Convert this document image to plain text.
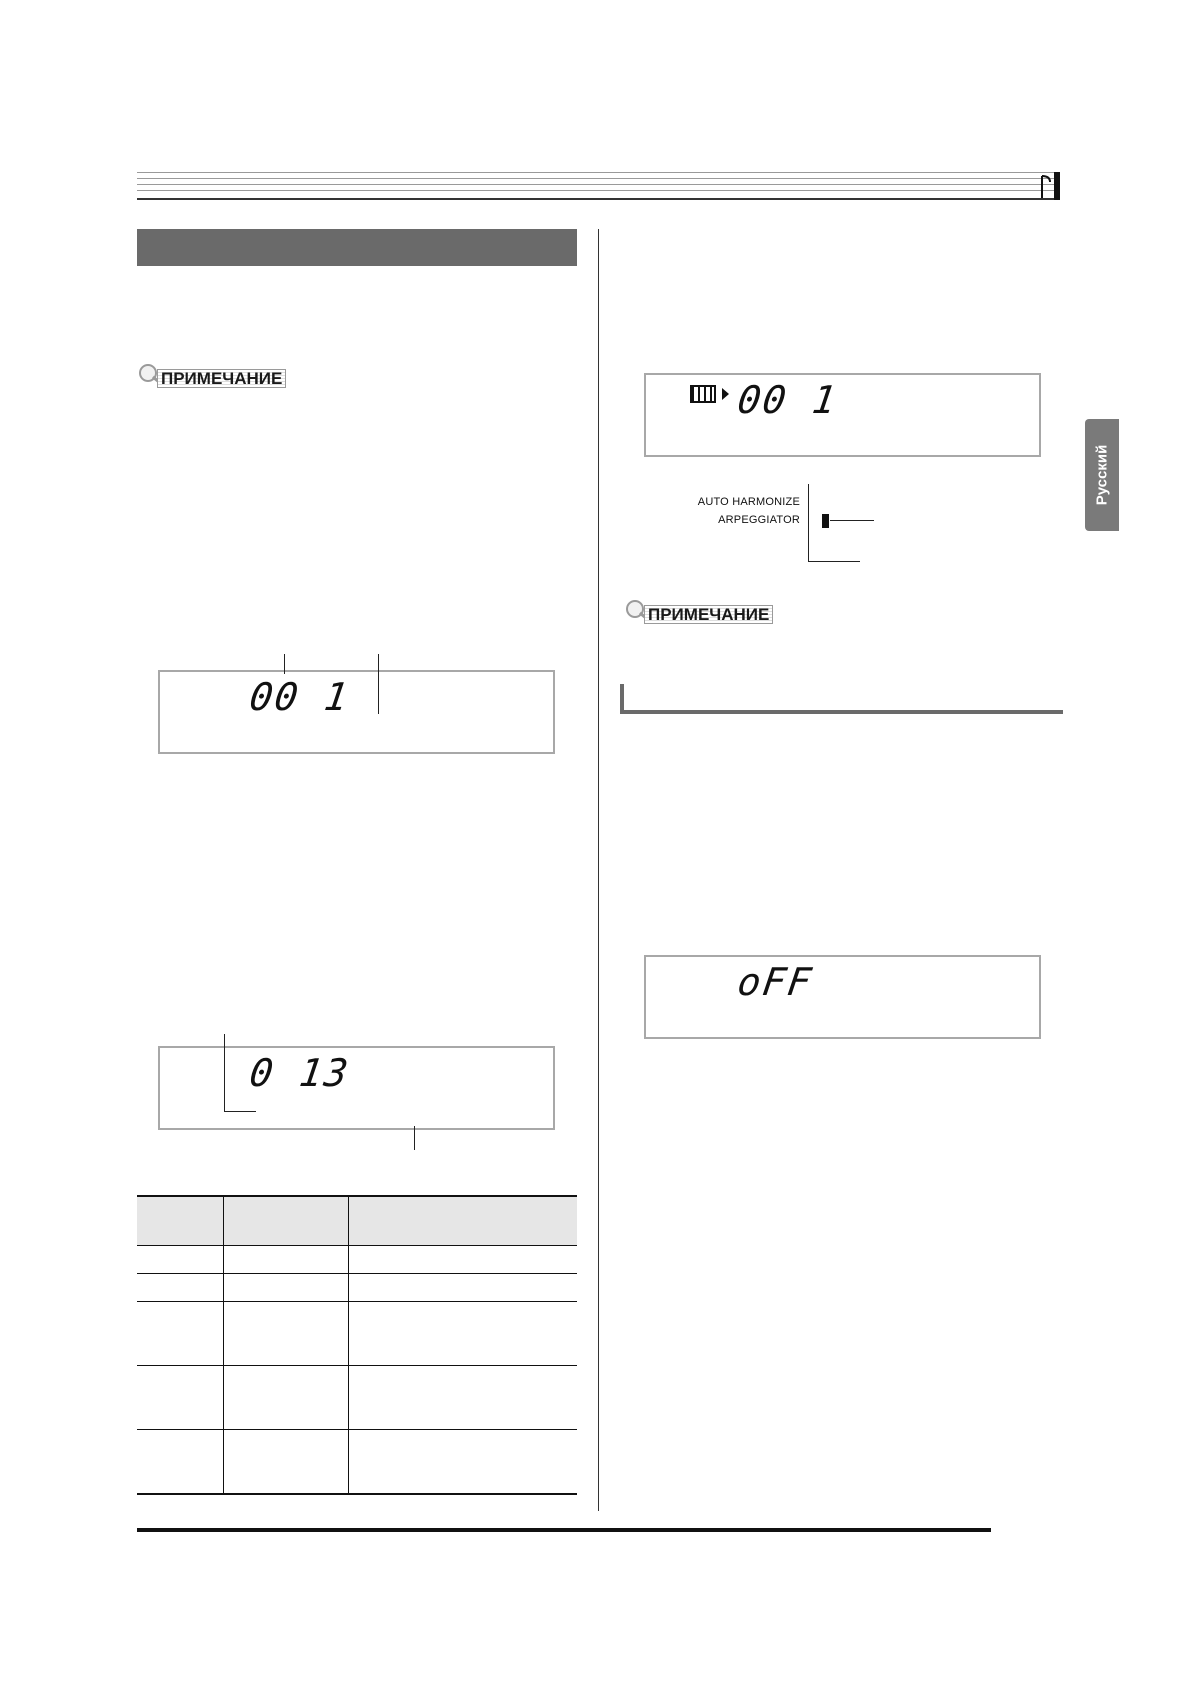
ПРИМЕЧАНИЕ
00 1
0 13

00 1
AUTO HARMONIZE
ARPEGGIATOR
ПРИМЕЧАНИЕ
oFF
Русский
